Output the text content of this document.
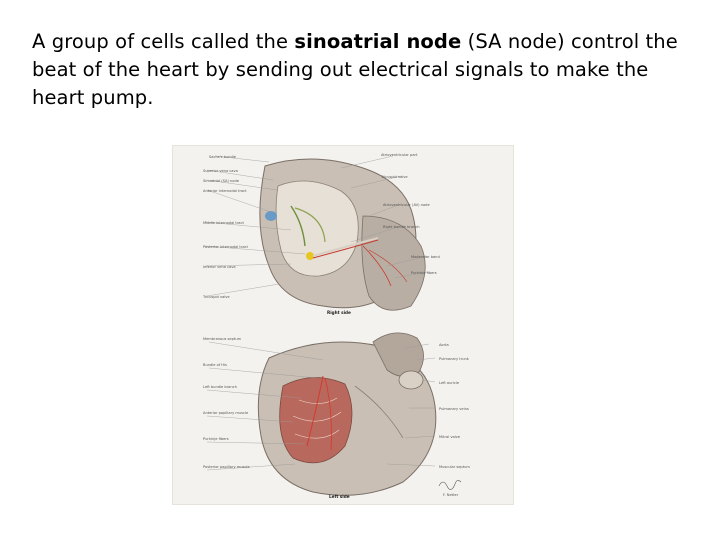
A group of cells called the sinoatrial node (SA node) control the beat of the heart by sending out electrical signals to make the heart pump.
Sachs's bundle
Superior vena cava
Sinuatrial (SA) node
Anterior internodal tract
Middle internodal tract
Posterior internodal tract
Inferior vena cava
Tricuspid valve
Atrioventricular part
Tricuspid valve
Atrioventricular (AV) node
Right bundle branch
Moderator band
Purkinje fibers
Right side
Membranous septum
Bundle of His
Left bundle branch
Anterior papillary muscle
Purkinje fibers
Posterior papillary muscle
Aorta
Pulmonary trunk
Left auricle
Pulmonary veins
Mitral valve
Muscular septum
Left side	F. Netter
